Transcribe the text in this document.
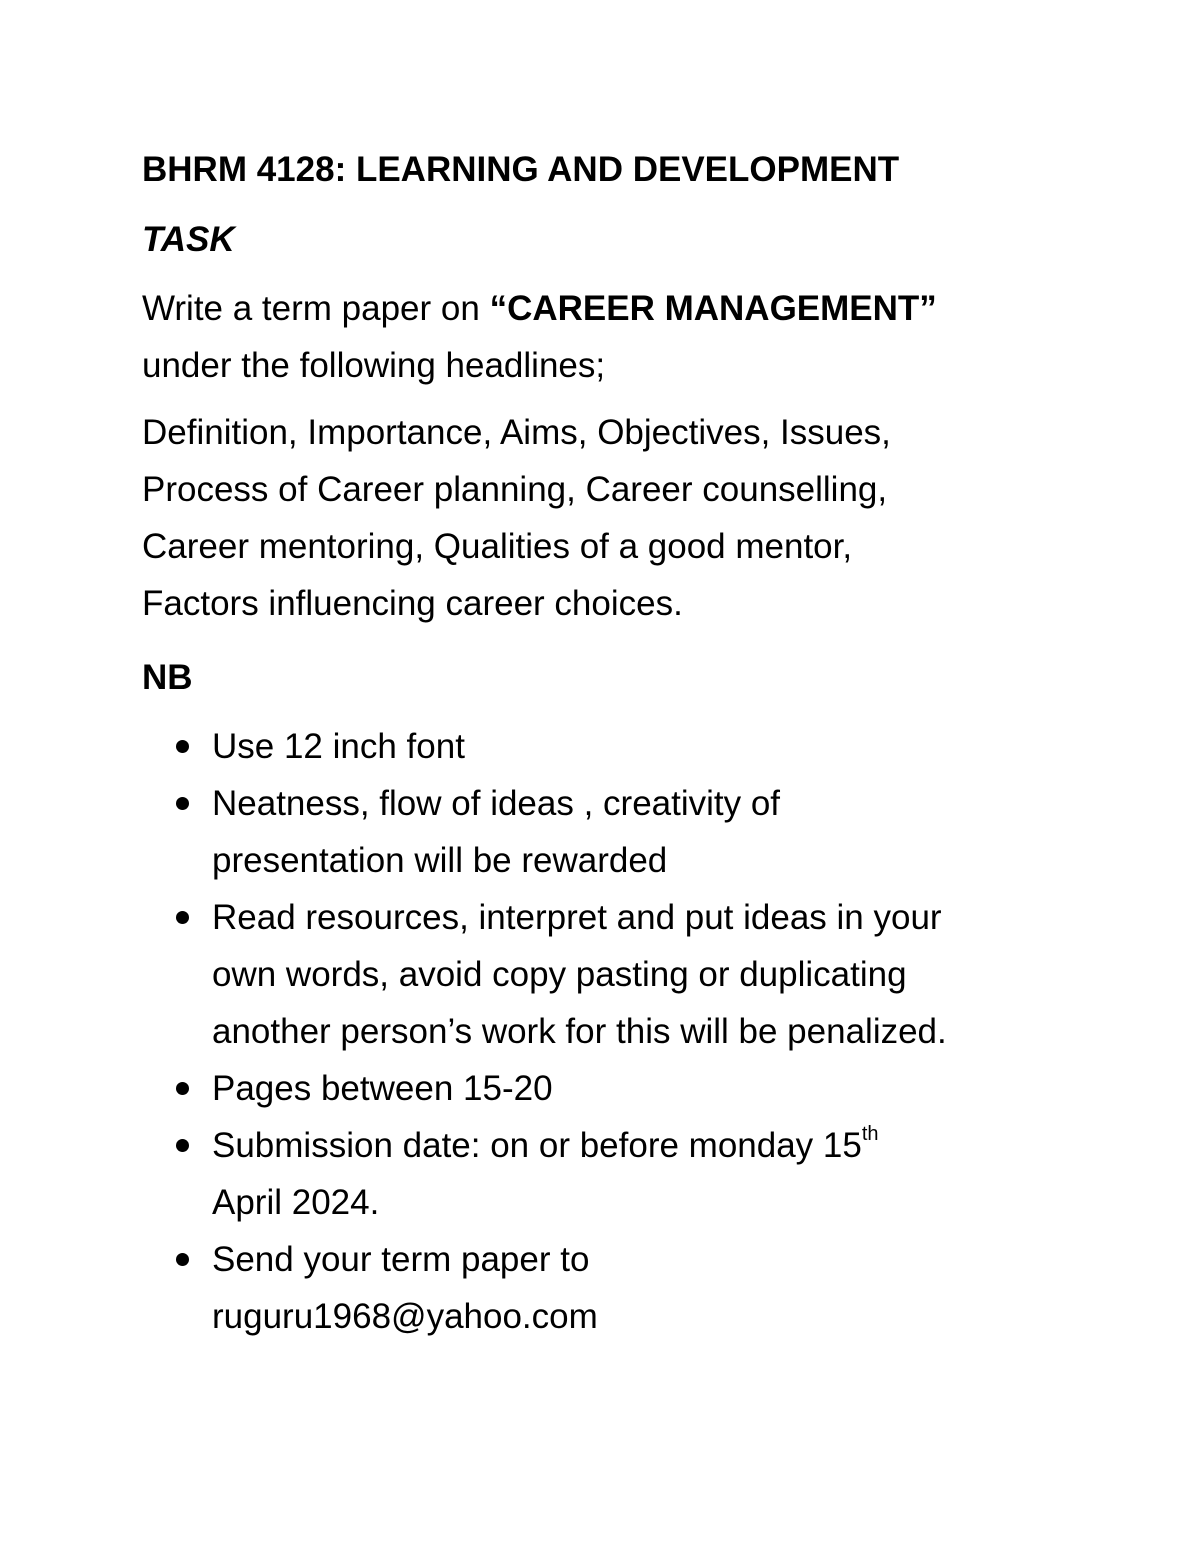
BHRM 4128: LEARNING AND DEVELOPMENT
TASK
Write a term paper on “CAREER MANAGEMENT”
under the following headlines;
Definition, Importance, Aims, Objectives, Issues,
Process of Career planning, Career counselling,
Career mentoring, Qualities of a good mentor,
Factors influencing career choices.
NB
Use 12 inch font
Neatness, flow of ideas , creativity of
presentation will be rewarded
Read resources, interpret and put ideas in your
own words, avoid copy pasting or duplicating
another person’s work for this will be penalized.
Pages between 15-20
Submission date: on or before monday 15th
April 2024.
Send your term paper to
ruguru1968@yahoo.com
